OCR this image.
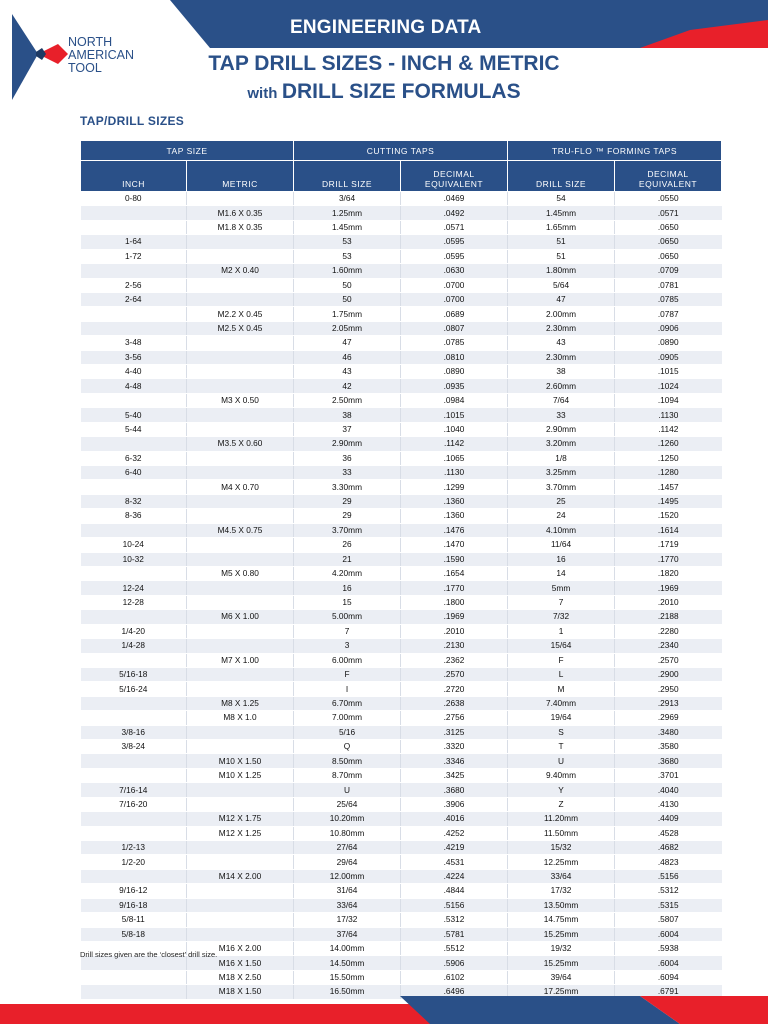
ENGINEERING DATA
NORTH AMERICAN TOOL	TAP DRILL SIZES - INCH & METRIC
with DRILL SIZE FORMULAS
TAP/DRILL SIZES
TAP SIZE		CUTTING TAPS		TRU-FLO ™ FORMING TAPS	
INCH	METRIC	DRILL SIZE	DECIMAL EQUIVALENT	DRILL SIZE	DECIMAL EQUIVALENT
0-80		3/64	.0469	54	.0550
	M1.6 X 0.35	1.25mm	.0492	1.45mm	.0571
	M1.8 X 0.35	1.45mm	.0571	1.65mm	.0650
1-64		53	.0595	51	.0650
1-72		53	.0595	51	.0650
	M2 X 0.40	1.60mm	.0630	1.80mm	.0709
2-56		50	.0700	5/64	.0781
2-64		50	.0700	47	.0785
	M2.2 X 0.45	1.75mm	.0689	2.00mm	.0787
	M2.5 X 0.45	2.05mm	.0807	2.30mm	.0906
3-48		47	.0785	43	.0890
3-56		46	.0810	2.30mm	.0905
4-40		43	.0890	38	.1015
4-48		42	.0935	2.60mm	.1024
	M3 X 0.50	2.50mm	.0984	7/64	.1094
5-40		38	.1015	33	.1130
5-44		37	.1040	2.90mm	.1142
	M3.5 X 0.60	2.90mm	.1142	3.20mm	.1260
6-32		36	.1065	1/8	.1250
6-40		33	.1130	3.25mm	.1280
	M4 X 0.70	3.30mm	.1299	3.70mm	.1457
8-32		29	.1360	25	.1495
8-36		29	.1360	24	.1520
	M4.5 X 0.75	3.70mm	.1476	4.10mm	.1614
10-24		26	.1470	11/64	.1719
10-32		21	.1590	16	.1770
	M5 X 0.80	4.20mm	.1654	14	.1820
12-24		16	.1770	5mm	.1969
12-28		15	.1800	7	.2010
	M6 X 1.00	5.00mm	.1969	7/32	.2188
1/4-20		7	.2010	1	.2280
1/4-28		3	.2130	15/64	.2340
	M7 X 1.00	6.00mm	.2362	F	.2570
5/16-18		F	.2570	L	.2900
5/16-24		I	.2720	M	.2950
	M8 X 1.25	6.70mm	.2638	7.40mm	.2913
	M8 X 1.0	7.00mm	.2756	19/64	.2969
3/8-16		5/16	.3125	S	.3480
3/8-24		Q	.3320	T	.3580
	M10 X 1.50	8.50mm	.3346	U	.3680
	M10 X 1.25	8.70mm	.3425	9.40mm	.3701
7/16-14		U	.3680	Y	.4040
7/16-20		25/64	.3906	Z	.4130
	M12 X 1.75	10.20mm	.4016	11.20mm	.4409
	M12 X 1.25	10.80mm	.4252	11.50mm	.4528
1/2-13		27/64	.4219	15/32	.4682
1/2-20		29/64	.4531	12.25mm	.4823
	M14 X 2.00	12.00mm	.4224	33/64	.5156
9/16-12		31/64	.4844	17/32	.5312
9/16-18		33/64	.5156	13.50mm	.5315
5/8-11		17/32	.5312	14.75mm	.5807
5/8-18		37/64	.5781	15.25mm	.6004
	M16 X 2.00	14.00mm	.5512	19/32	.5938
	M16 X 1.50	14.50mm	.5906	15.25mm	.6004
	M18 X 2.50	15.50mm	.6102	39/64	.6094
	M18 X 1.50	16.50mm	.6496	17.25mm	.6791
Drill sizes given are the ‘closest’ drill size.
